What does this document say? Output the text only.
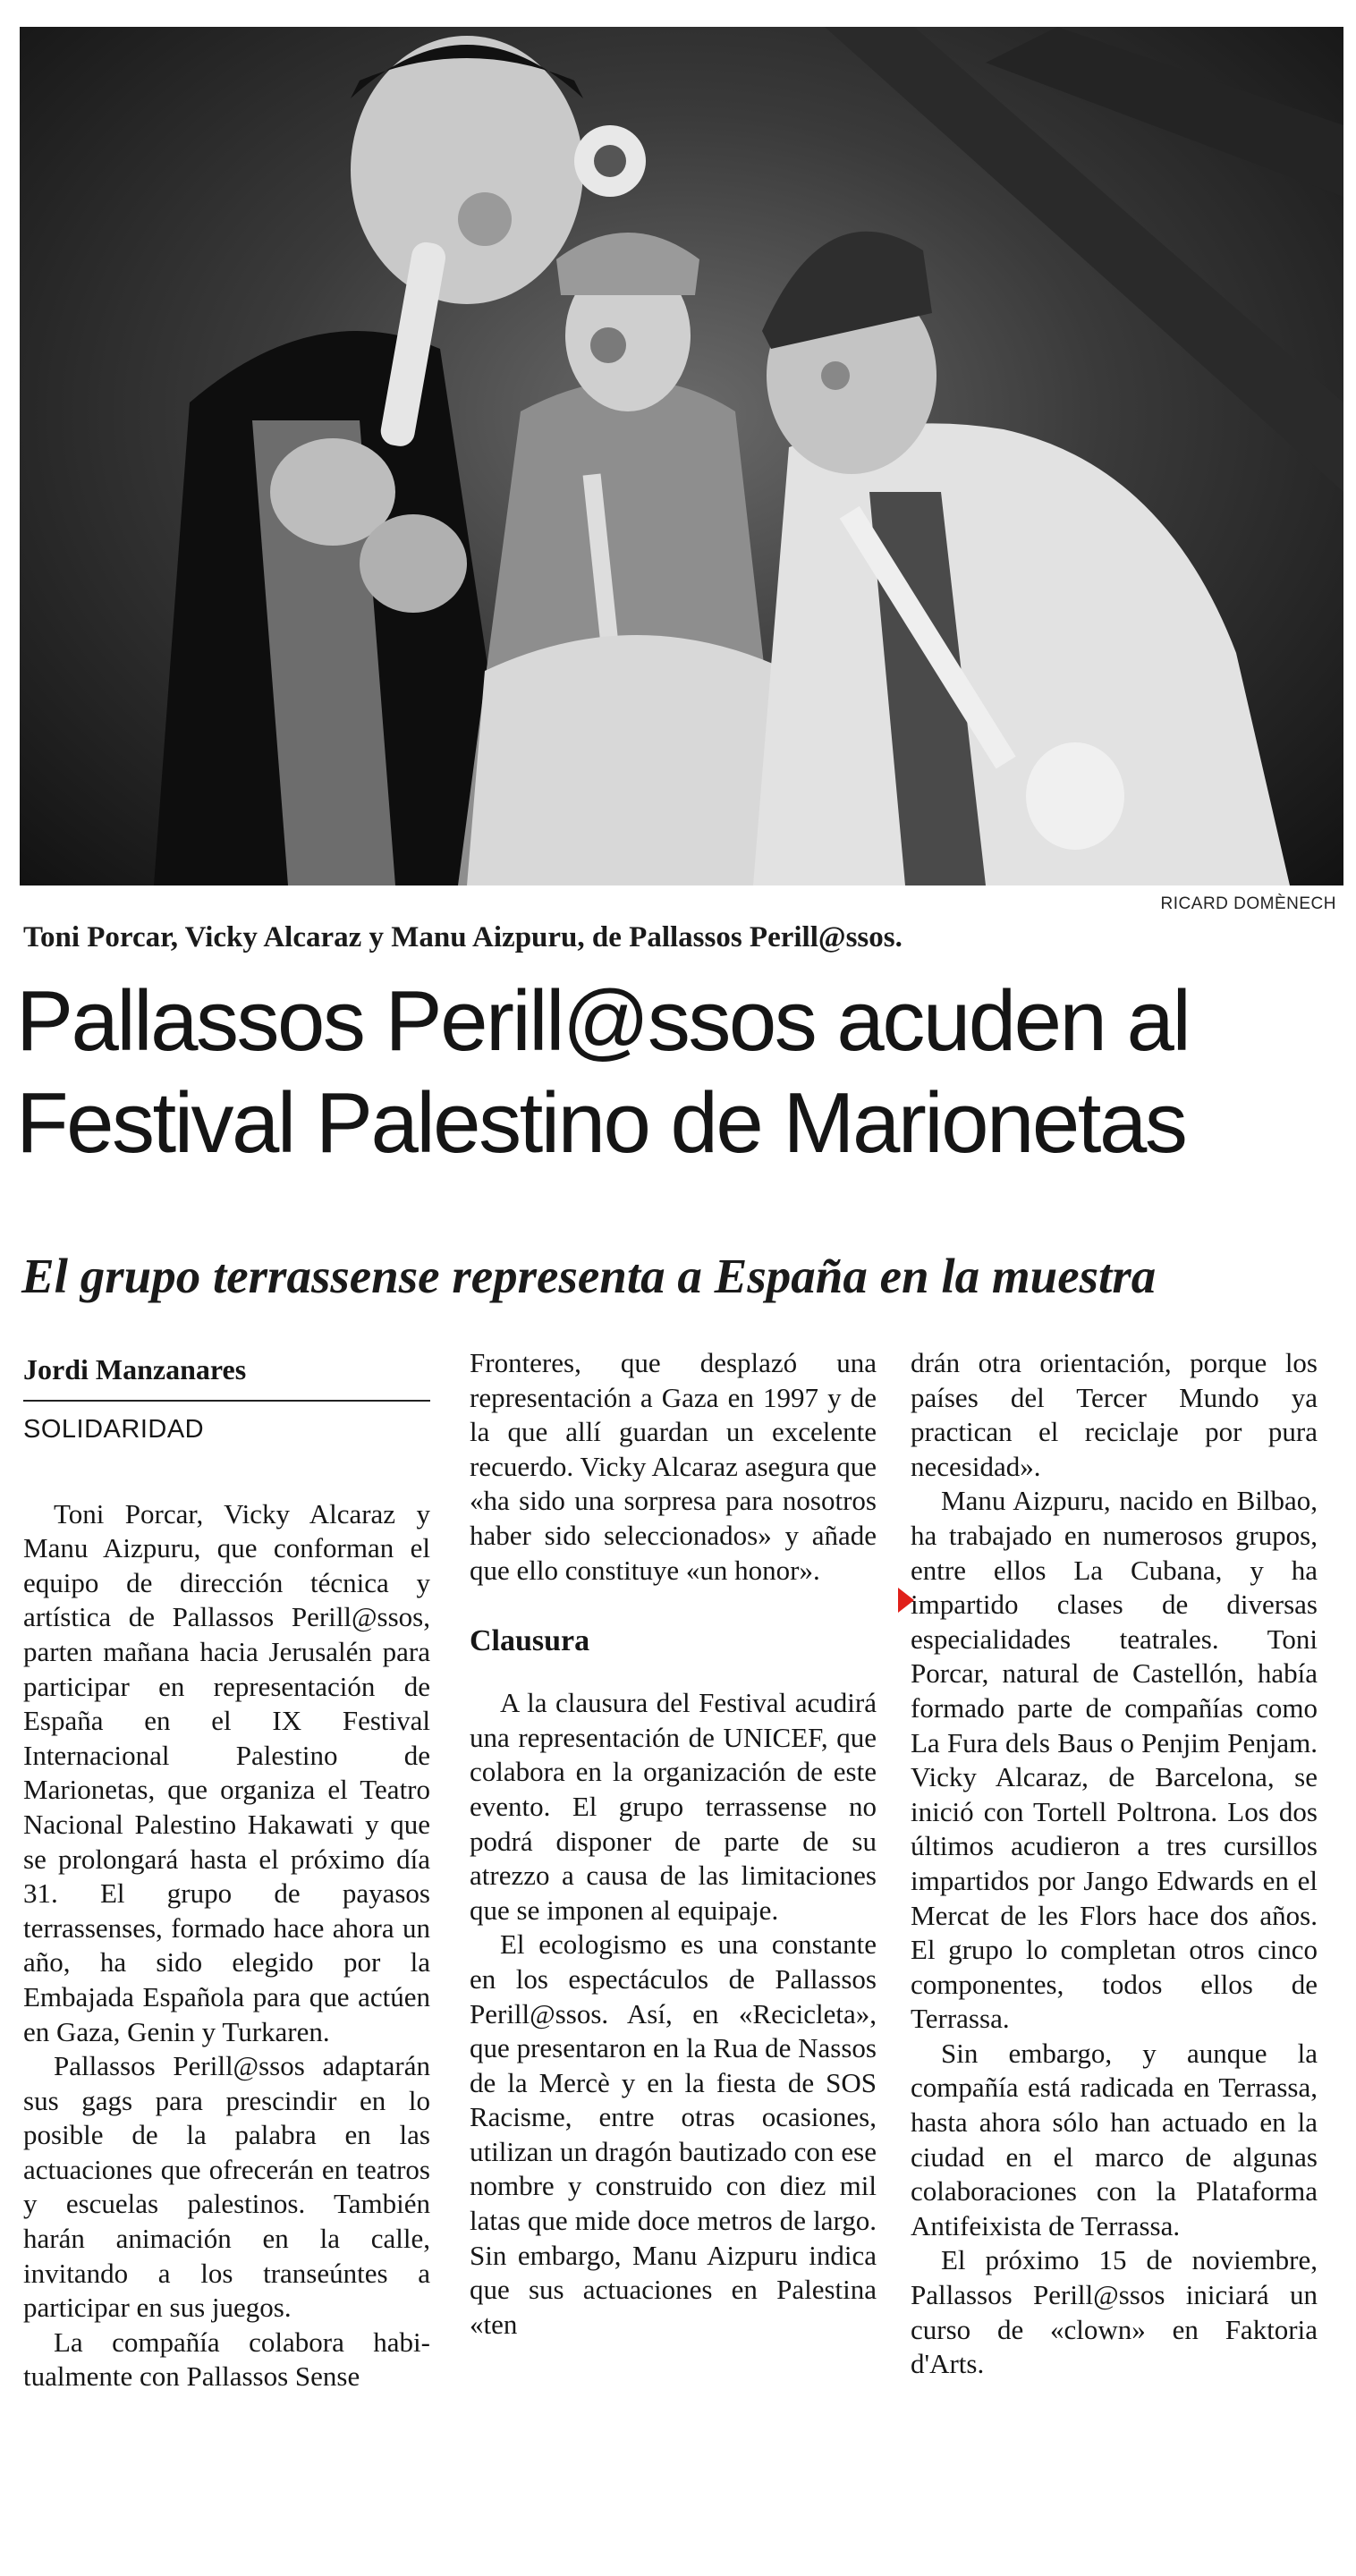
RICARD DOMÈNECH
Toni Porcar, Vicky Alcaraz y Manu Aizpuru, de Pallassos Perill@ssos.
Pallassos Perill@ssos acuden al
Festival Palestino de Marionetas
El grupo terrassense representa a España en la muestra
Jordi Manzanares
SOLIDARIDAD

Toni Porcar, Vicky Alcaraz y Manu Aizpuru, que conforman el equipo de dirección técnica y artística de Pallassos Perill@ssos, parten mañana hacia Jerusalén para participar en representación de España en el IX Festival Internacional Palestino de Marionetas, que organiza el Teatro Nacional Palestino Hakawati y que se prolongará hasta el próximo día 31. El grupo de payasos terrassenses, formado hace ahora un año, ha sido elegido por la Embajada Española para que actúen en Gaza, Genin y Turkaren.

Pallassos Perill@ssos adaptarán sus gags para prescindir en lo posible de la palabra en las actuaciones que ofrecerán en teatros y escuelas palestinos. También harán animación en la calle, invitando a los transeúntes a participar en sus juegos.

La compañía colabora habitualmente con Pallassos Sense

Fronteres, que desplazó una representación a Gaza en 1997 y de la que allí guardan un excelente recuerdo. Vicky Alcaraz asegura que «ha sido una sorpresa para nosotros haber sido seleccionados» y añade que ello constituye «un honor».

Clausura

A la clausura del Festival acudirá una representación de UNICEF, que colabora en la organización de este evento. El grupo terrassense no podrá disponer de parte de su atrezzo a causa de las limitaciones que se imponen al equipaje.

El ecologismo es una constante en los espectáculos de Pallassos Perill@ssos. Así, en «Recicleta», que presentaron en la Rua de Nassos de la Mercè y en la fiesta de SOS Racisme, entre otras ocasiones, utilizan un dragón bautizado con ese nombre y construido con diez mil latas que mide doce metros de largo. Sin embargo, Manu Aizpuru indica que sus actuaciones en Palestina «ten

drán otra orientación, porque los países del Tercer Mundo ya practican el reciclaje por pura necesidad».

Manu Aizpuru, nacido en Bilbao, ha trabajado en numerosos grupos, entre ellos La Cubana, y ha impartido clases de diversas especialidades teatrales. Toni Porcar, natural de Castellón, había formado parte de compañías como La Fura dels Baus o Penjim Penjam. Vicky Alcaraz, de Barcelona, se inició con Tortell Poltrona. Los dos últimos acudieron a tres cursillos impartidos por Jango Edwards en el Mercat de les Flors hace dos años. El grupo lo completan otros cinco componentes, todos ellos de Terrassa.

Sin embargo, y aunque la compañía está radicada en Terrassa, hasta ahora sólo han actuado en la ciudad en el marco de algunas colaboraciones con la Plataforma Antifeixista de Terrassa.

El próximo 15 de noviembre, Pallassos Perill@ssos iniciará un curso de «clown» en Faktoria d'Arts.
